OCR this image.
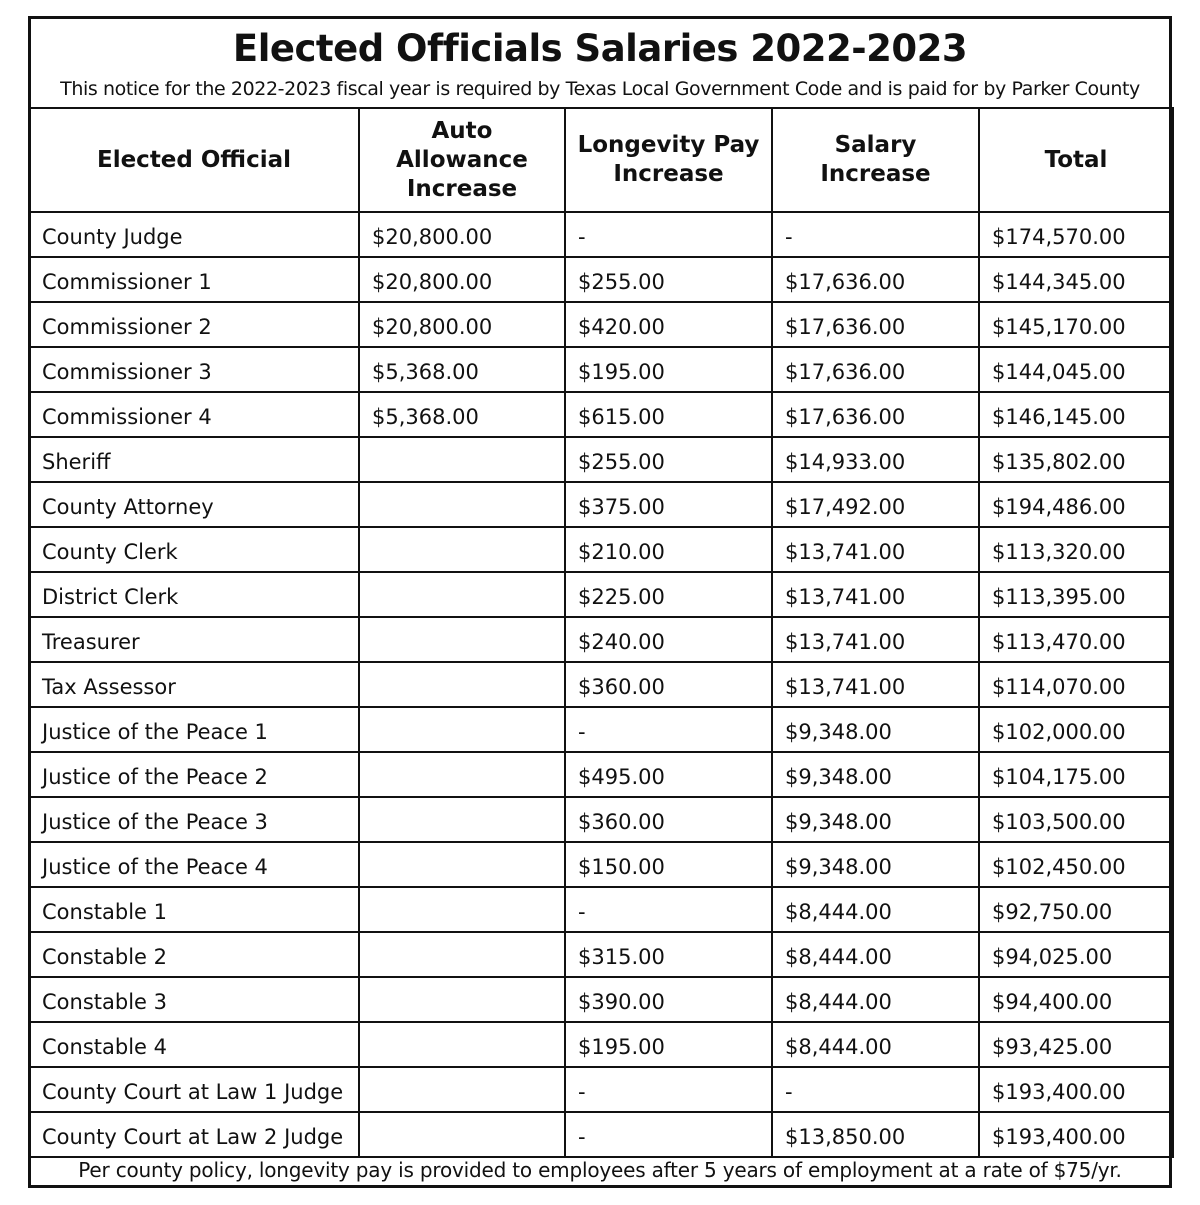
Elected Officials Salaries 2022-2023
This notice for the 2022-2023 fiscal year is required by Texas Local Government Code and is paid for by Parker County
Elected Official	Auto Allowance Increase	Longevity Pay Increase	Salary Increase	Total
County Judge	$20,800.00	-	-	$174,570.00
Commissioner 1	$20,800.00	$255.00	$17,636.00	$144,345.00
Commissioner 2	$20,800.00	$420.00	$17,636.00	$145,170.00
Commissioner 3	$5,368.00	$195.00	$17,636.00	$144,045.00
Commissioner 4	$5,368.00	$615.00	$17,636.00	$146,145.00
Sheriff		$255.00	$14,933.00	$135,802.00
County Attorney		$375.00	$17,492.00	$194,486.00
County Clerk		$210.00	$13,741.00	$113,320.00
District Clerk		$225.00	$13,741.00	$113,395.00
Treasurer		$240.00	$13,741.00	$113,470.00
Tax Assessor		$360.00	$13,741.00	$114,070.00
Justice of the Peace 1		-	$9,348.00	$102,000.00
Justice of the Peace 2		$495.00	$9,348.00	$104,175.00
Justice of the Peace 3		$360.00	$9,348.00	$103,500.00
Justice of the Peace 4		$150.00	$9,348.00	$102,450.00
Constable 1		-	$8,444.00	$92,750.00
Constable 2		$315.00	$8,444.00	$94,025.00
Constable 3		$390.00	$8,444.00	$94,400.00
Constable 4		$195.00	$8,444.00	$93,425.00
County Court at Law 1 Judge		-	-	$193,400.00
County Court at Law 2 Judge		-	$13,850.00	$193,400.00
Per county policy, longevity pay is provided to employees after 5 years of employment at a rate of $75/yr.
